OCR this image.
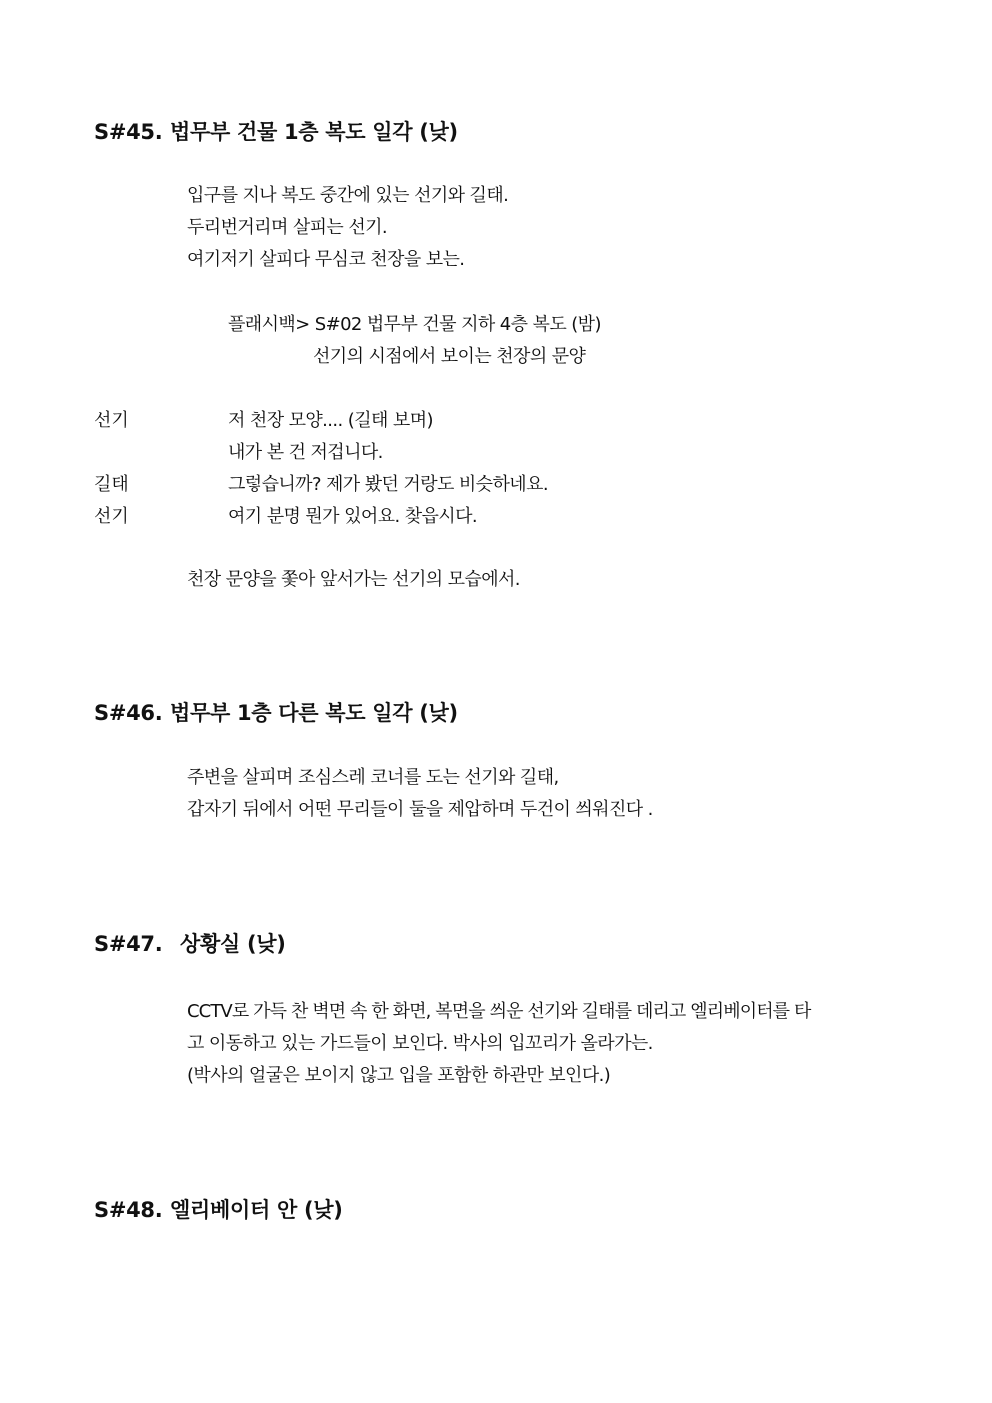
S#45. 법무부 건물 1층 복도 일각 (낮)
입구를 지나 복도 중간에 있는 선기와 길태.
두리번거리며 살피는 선기.
여기저기 살피다 무심코 천장을 보는.
플래시백> S#02 법무부 건물 지하 4층 복도 (밤)
선기의 시점에서 보이는 천장의 문양
선기	저 천장 모양.... (길태 보며)
내가 본 건 저겁니다.
길태	그렇습니까? 제가 봤던 거랑도 비슷하네요.
선기	여기 분명 뭔가 있어요. 찾읍시다.
천장 문양을 쫓아 앞서가는 선기의 모습에서.
S#46. 법무부 1층 다른 복도 일각 (낮)
주변을 살피며 조심스레 코너를 도는 선기와 길태,
갑자기 뒤에서 어떤 무리들이 둘을 제압하며 두건이 씌워진다 .
S#47. 상황실 (낮)
CCTV로 가득 찬 벽면 속 한 화면, 복면을 씌운 선기와 길태를 데리고 엘리베이터를 타
고 이동하고 있는 가드들이 보인다. 박사의 입꼬리가 올라가는.
(박사의 얼굴은 보이지 않고 입을 포함한 하관만 보인다.)
S#48. 엘리베이터 안 (낮)
